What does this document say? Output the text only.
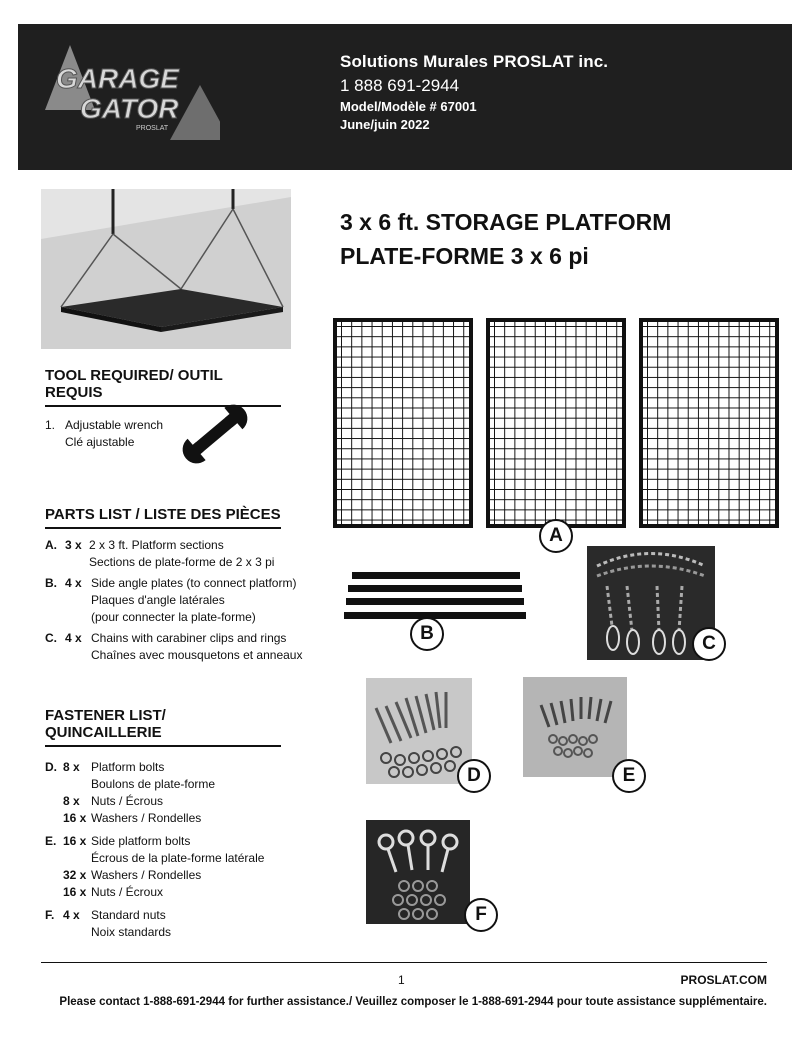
GARAGE
GATOR
PROSLAT
Solutions Murales PROSLAT inc.
1 888 691-2944
Model/Modèle # 67001
June/juin 2022
3 x 6 ft. STORAGE PLATFORM
PLATE-FORME 3 x 6 pi
TOOL REQUIRED/ OUTIL REQUIS
1. Adjustable wrench
Clé ajustable
PARTS LIST / LISTE DES PIÈCES
A. 3 x 2 x 3 ft. Platform sections
Sections de plate-forme de 2 x 3 pi
B. 4 x Side angle plates (to connect platform)
Plaques d'angle latérales
(pour connecter la plate-forme)
C. 4 x Chains with carabiner clips and rings
Chaînes avec mousquetons et anneaux
FASTENER LIST/ QUINCAILLERIE
D. 8 x Platform bolts
Boulons de plate-forme
8 x Nuts / Écrous
16 x Washers / Rondelles
E. 16 x Side platform bolts
Écrous de la plate-forme latérale
32 x Washers / Rondelles
16 x Nuts / Écroux
F. 4 x Standard nuts
Noix standards
A
B	C
D	E
F
1	PROSLAT.COM
Please contact 1-888-691-2944 for further assistance./ Veuillez composer le 1-888-691-2944 pour toute assistance supplémentaire.
